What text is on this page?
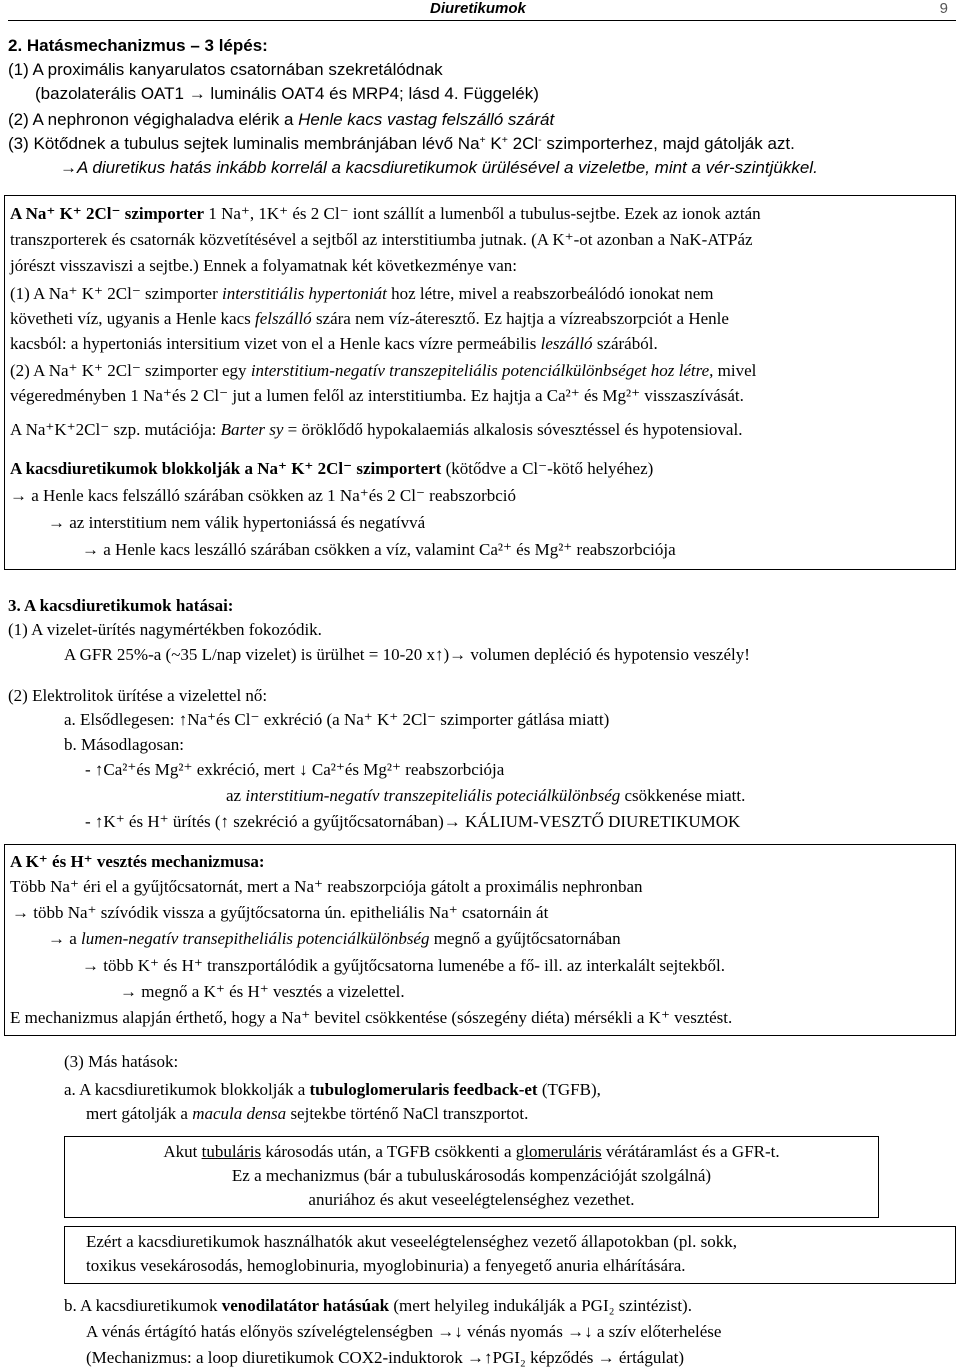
Diuretikumok	9
2. Hatásmechanizmus – 3 lépés:
(1) A proximális kanyarulatos csatornában szekretálódnak
(bazolaterális OAT1 → luminális OAT4 és MRP4; lásd 4. Függelék)
(2) A nephronon végighaladva elérik a Henle kacs vastag felszálló szárát
(3) Kötődnek a tubulus sejtek luminalis membránjában lévő Na+ K+ 2Cl- szimporterhez, majd gátolják azt.
→A diuretikus hatás inkább korrelál a kacsdiuretikumok ürülésével a vizeletbe, mint a vér-szintjükkel.
A Na⁺ K⁺ 2Cl⁻ szimporter 1 Na⁺, 1K⁺ és 2 Cl⁻ iont szállít a lumenből a tubulus-sejtbe. Ezek az ionok aztán
transzporterek és csatornák közvetítésével a sejtből az interstitiumba jutnak. (A K⁺-ot azonban a NaK-ATPáz
jórészt visszaviszi a sejtbe.) Ennek a folyamatnak két következménye van:
(1) A Na⁺ K⁺ 2Cl⁻ szimporter interstitiális hypertoniát hoz létre, mivel a reabszorbeálódó ionokat nem
követheti víz, ugyanis a Henle kacs felszálló szára nem víz-áteresztő. Ez hajtja a vízreabszorpciót a Henle
kacsból: a hypertoniás intersitium vizet von el a Henle kacs vízre permeábilis leszálló szárából.
(2) A Na⁺ K⁺ 2Cl⁻ szimporter egy interstitium-negatív transzepiteliális potenciálkülönbséget hoz létre, mivel
végeredményben 1 Na⁺és 2 Cl⁻ jut a lumen felől az interstitiumba. Ez hajtja a Ca²⁺ és Mg²⁺ visszaszívását.
A Na⁺K⁺2Cl⁻ szp. mutációja: Barter sy = öröklődő hypokalaemiás alkalosis sóvesztéssel és hypotensioval.
A kacsdiuretikumok blokkolják a Na⁺ K⁺ 2Cl⁻ szimportert (kötődve a Cl⁻-kötő helyéhez)
→ a Henle kacs felszálló szárában csökken az 1 Na⁺és 2 Cl⁻ reabszorbció
→ az interstitium nem válik hypertoniássá és negatívvá
→ a Henle kacs leszálló szárában csökken a víz, valamint Ca²⁺ és Mg²⁺ reabszorbciója
3. A kacsdiuretikumok hatásai:
(1) A vizelet-ürítés nagymértékben fokozódik.
A GFR 25%-a (~35 L/nap vizelet) is ürülhet = 10-20 x↑)→ volumen depléció és hypotensio veszély!
(2) Elektrolitok ürítése a vizelettel nő:
a. Elsődlegesen: ↑Na⁺és Cl⁻ exkréció (a Na⁺ K⁺ 2Cl⁻ szimporter gátlása miatt)
b. Másodlagosan:
- ↑Ca²⁺és Mg²⁺ exkréció, mert ↓ Ca²⁺és Mg²⁺ reabszorbciója
az interstitium-negatív transzepiteliális poteciálkülönbség csökkenése miatt.
- ↑K⁺ és H⁺ ürítés (↑ szekréció a gyűjtőcsatornában)→ KÁLIUM-VESZTŐ DIURETIKUMOK
A K⁺ és H⁺ vesztés mechanizmusa:
Több Na⁺ éri el a gyűjtőcsatornát, mert a Na⁺ reabszorpciója gátolt a proximális nephronban
→ több Na⁺ szívódik vissza a gyűjtőcsatorna ún. epitheliális Na⁺ csatornáin át
→ a lumen-negatív transepitheliális potenciálkülönbség megnő a gyűjtőcsatornában
→ több K⁺ és H⁺ transzportálódik a gyűjtőcsatorna lumenébe a fő- ill. az interkalált sejtekből.
→ megnő a K⁺ és H⁺ vesztés a vizelettel.
E mechanizmus alapján érthető, hogy a Na⁺ bevitel csökkentése (sószegény diéta) mérsékli a K⁺ vesztést.
(3) Más hatások:
a. A kacsdiuretikumok blokkolják a tubuloglomerularis feedback-et (TGFB),
mert gátolják a macula densa sejtekbe történő NaCl transzportot.
Akut tubuláris károsodás után, a TGFB csökkenti a glomeruláris vérátáramlást és a GFR-t.
Ez a mechanizmus (bár a tubuluskárosodás kompenzációját szolgálná)
anuriához és akut veseelégtelenséghez vezethet.
Ezért a kacsdiuretikumok használhatók akut veseelégtelenséghez vezető állapotokban (pl. sokk,
toxikus vesekárosodás, hemoglobinuria, myoglobinuria) a fenyegető anuria elhárítására.
b. A kacsdiuretikumok venodilatátor hatásúak (mert helyileg indukálják a PGI₂ szintézist).
A vénás értágító hatás előnyös szívelégtelenségben →↓ vénás nyomás →↓ a szív előterhelése
(Mechanizmus: a loop diuretikumok COX2-induktorok →↑PGI₂ képződés → értágulat)
